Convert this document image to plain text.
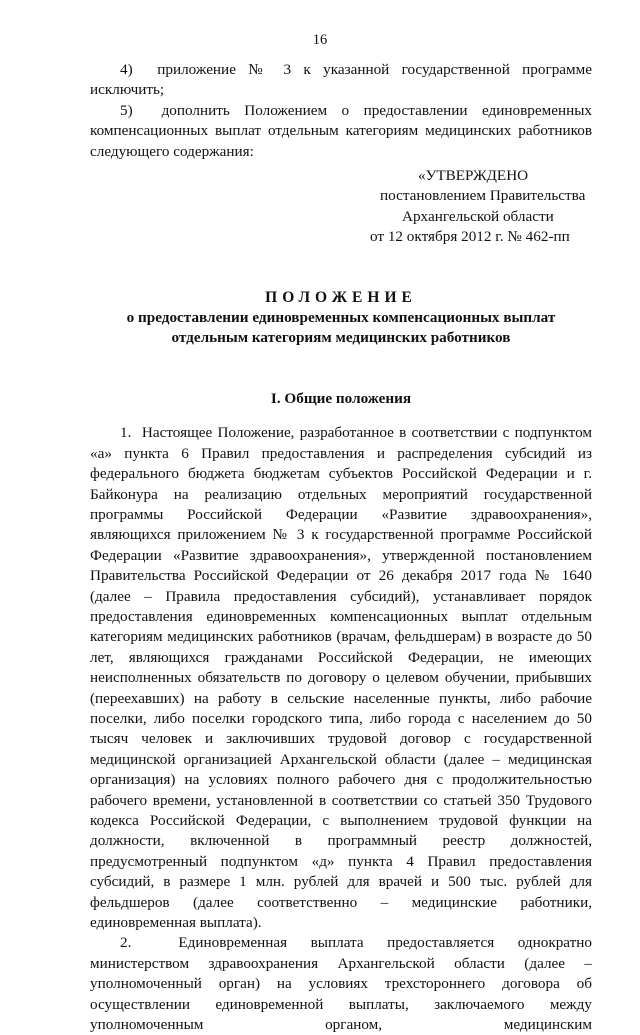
16

4)  приложение № 3 к указанной государственной программе исключить;

5)  дополнить Положением о предоставлении единовременных компенсационных выплат отдельным категориям медицинских работников следующего содержания:

«УТВЕРЖДЕНО
постановлением Правительства
Архангельской области
от 12 октября 2012 г. № 462-пп
ПОЛОЖЕНИЕ

о предоставлении единовременных компенсационных выплат

отдельным категориям медицинских работников

I. Общие положения

1.  Настоящее Положение, разработанное в соответствии с подпунктом «а» пункта 6 Правил предоставления и распределения субсидий из федерального бюджета бюджетам субъектов Российской Федерации и г. Байконура на реализацию отдельных мероприятий государственной программы Российской Федерации «Развитие здравоохранения», являющихся приложением № 3 к государственной программе Российской Федерации «Развитие здравоохранения», утвержденной постановлением Правительства Российской Федерации от 26 декабря 2017 года № 1640 (далее – Правила предоставления субсидий), устанавливает порядок предоставления единовременных компенсационных выплат отдельным категориям медицинских работников (врачам, фельдшерам) в возрасте до 50 лет, являющихся гражданами Российской Федерации, не имеющих неисполненных обязательств по договору о целевом обучении, прибывших (переехавших) на работу в сельские населенные пункты, либо рабочие поселки, либо поселки городского типа, либо города с населением до 50 тысяч человек и заключивших трудовой договор с государственной медицинской организацией Архангельской области (далее – медицинская организация) на условиях полного рабочего дня с продолжительностью рабочего времени, установленной в соответствии со статьей 350 Трудового кодекса Российской Федерации, с выполнением трудовой функции на должности, включенной в программный реестр должностей, предусмотренный подпунктом «д» пункта 4 Правил предоставления субсидий, в размере 1 млн. рублей для врачей и 500 тыс. рублей для фельдшеров (далее соответственно – медицинские работники, единовременная выплата).

2.  Единовременная выплата предоставляется однократно министерством здравоохранения Архангельской области (далее – уполномоченный орган) на условиях трехстороннего договора об осуществлении единовременной выплаты, заключаемого между уполномоченным органом, медицинским
